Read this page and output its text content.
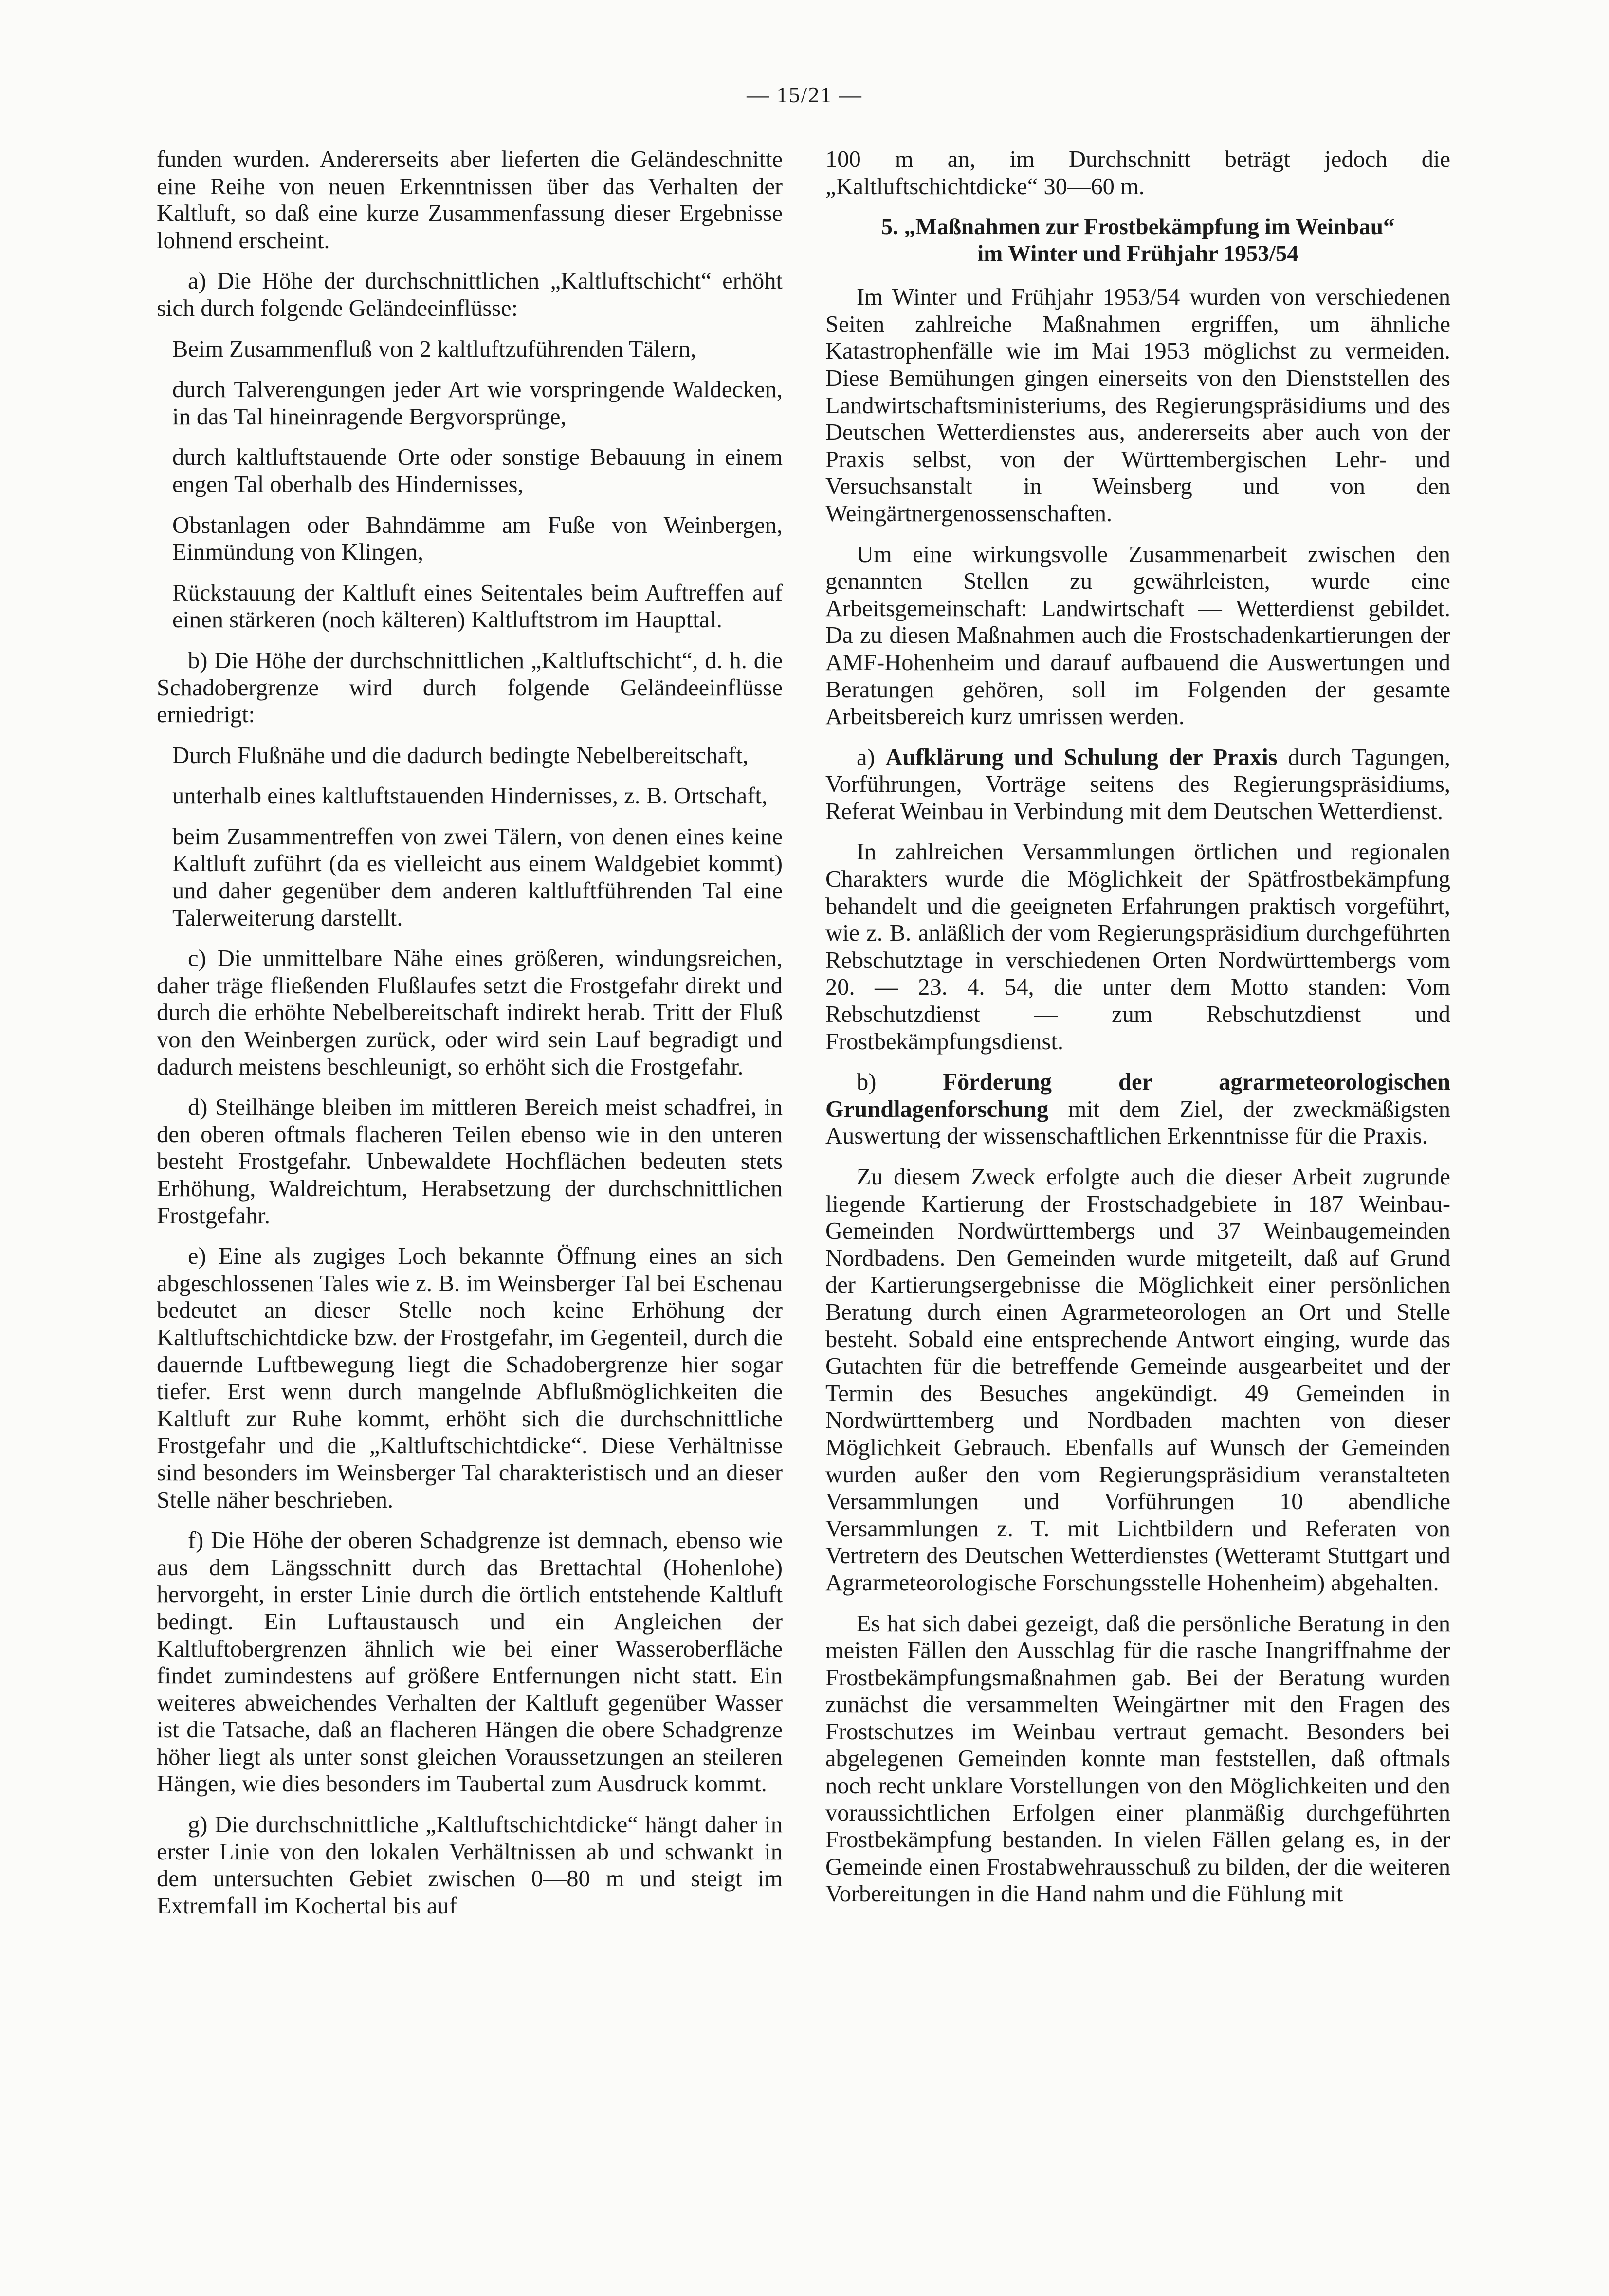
— 15/21 —

funden wurden. Andererseits aber lieferten die Geländeschnitte eine Reihe von neuen Erkenntnissen über das Verhalten der Kaltluft, so daß eine kurze Zusammenfassung dieser Ergebnisse lohnend erscheint.

a) Die Höhe der durchschnittlichen „Kaltluftschicht“ erhöht sich durch folgende Geländeeinflüsse:

Beim Zusammenfluß von 2 kaltluftzuführenden Tälern,

durch Talverengungen jeder Art wie vorspringende Waldecken, in das Tal hineinragende Bergvorsprünge,

durch kaltluftstauende Orte oder sonstige Bebauung in einem engen Tal oberhalb des Hindernisses,

Obstanlagen oder Bahndämme am Fuße von Weinbergen, Einmündung von Klingen,

Rückstauung der Kaltluft eines Seitentales beim Auftreffen auf einen stärkeren (noch kälteren) Kaltluftstrom im Haupttal.

b) Die Höhe der durchschnittlichen „Kaltluftschicht“, d. h. die Schadobergrenze wird durch folgende Geländeeinflüsse erniedrigt:

Durch Flußnähe und die dadurch bedingte Nebelbereitschaft,

unterhalb eines kaltluftstauenden Hindernisses, z. B. Ortschaft,

beim Zusammentreffen von zwei Tälern, von denen eines keine Kaltluft zuführt (da es vielleicht aus einem Waldgebiet kommt) und daher gegenüber dem anderen kaltluftführenden Tal eine Talerweiterung darstellt.

c) Die unmittelbare Nähe eines größeren, windungsreichen, daher träge fließenden Flußlaufes setzt die Frostgefahr direkt und durch die erhöhte Nebelbereitschaft indirekt herab. Tritt der Fluß von den Weinbergen zurück, oder wird sein Lauf begradigt und dadurch meistens beschleunigt, so erhöht sich die Frostgefahr.

d) Steilhänge bleiben im mittleren Bereich meist schadfrei, in den oberen oftmals flacheren Teilen ebenso wie in den unteren besteht Frostgefahr. Unbewaldete Hochflächen bedeuten stets Erhöhung, Waldreichtum, Herabsetzung der durchschnittlichen Frostgefahr.

e) Eine als zugiges Loch bekannte Öffnung eines an sich abgeschlossenen Tales wie z. B. im Weinsberger Tal bei Eschenau bedeutet an dieser Stelle noch keine Erhöhung der Kaltluftschichtdicke bzw. der Frostgefahr, im Gegenteil, durch die dauernde Luftbewegung liegt die Schadobergrenze hier sogar tiefer. Erst wenn durch mangelnde Abflußmöglichkeiten die Kaltluft zur Ruhe kommt, erhöht sich die durchschnittliche Frostgefahr und die „Kaltluftschichtdicke“. Diese Verhältnisse sind besonders im Weinsberger Tal charakteristisch und an dieser Stelle näher beschrieben.

f) Die Höhe der oberen Schadgrenze ist demnach, ebenso wie aus dem Längsschnitt durch das Brettachtal (Hohenlohe) hervorgeht, in erster Linie durch die örtlich entstehende Kaltluft bedingt. Ein Luftaustausch und ein Angleichen der Kaltluftobergrenzen ähnlich wie bei einer Wasseroberfläche findet zumindestens auf größere Entfernungen nicht statt. Ein weiteres abweichendes Verhalten der Kaltluft gegenüber Wasser ist die Tatsache, daß an flacheren Hängen die obere Schadgrenze höher liegt als unter sonst gleichen Voraussetzungen an steileren Hängen, wie dies besonders im Taubertal zum Ausdruck kommt.

g) Die durchschnittliche „Kaltluftschichtdicke“ hängt daher in erster Linie von den lokalen Verhältnissen ab und schwankt in dem untersuchten Gebiet zwischen 0—80 m und steigt im Extremfall im Kochertal bis auf

100 m an, im Durchschnitt beträgt jedoch die „Kaltluftschichtdicke“ 30—60 m.

5. „Maßnahmen zur Frostbekämpfung im Weinbau“
im Winter und Frühjahr 1953/54

Im Winter und Frühjahr 1953/54 wurden von verschiedenen Seiten zahlreiche Maßnahmen ergriffen, um ähnliche Katastrophenfälle wie im Mai 1953 möglichst zu vermeiden. Diese Bemühungen gingen einerseits von den Dienststellen des Landwirtschaftsministeriums, des Regierungspräsidiums und des Deutschen Wetterdienstes aus, andererseits aber auch von der Praxis selbst, von der Württembergischen Lehr- und Versuchsanstalt in Weinsberg und von den Weingärtnergenossenschaften.

Um eine wirkungsvolle Zusammenarbeit zwischen den genannten Stellen zu gewährleisten, wurde eine Arbeitsgemeinschaft: Landwirtschaft — Wetterdienst gebildet. Da zu diesen Maßnahmen auch die Frostschadenkartierungen der AMF-Hohenheim und darauf aufbauend die Auswertungen und Beratungen gehören, soll im Folgenden der gesamte Arbeitsbereich kurz umrissen werden.

a) Aufklärung und Schulung der Praxis durch Tagungen, Vorführungen, Vorträge seitens des Regierungspräsidiums, Referat Weinbau in Verbindung mit dem Deutschen Wetterdienst.

In zahlreichen Versammlungen örtlichen und regionalen Charakters wurde die Möglichkeit der Spätfrostbekämpfung behandelt und die geeigneten Erfahrungen praktisch vorgeführt, wie z. B. anläßlich der vom Regierungspräsidium durchgeführten Rebschutztage in verschiedenen Orten Nordwürttembergs vom 20. — 23. 4. 54, die unter dem Motto standen: Vom Rebschutzdienst — zum Rebschutzdienst und Frostbekämpfungsdienst.

b)	Förderung der agrarmeteorologischen Grundlagenforschung mit dem Ziel, der zweckmäßigsten Auswertung der wissenschaftlichen Erkenntnisse für die Praxis.

Zu diesem Zweck erfolgte auch die dieser Arbeit zugrunde liegende Kartierung der Frostschadgebiete in 187 Weinbau-Gemeinden Nordwürttembergs und 37 Weinbaugemeinden Nordbadens. Den Gemeinden wurde mitgeteilt, daß auf Grund der Kartierungsergebnisse die Möglichkeit einer persönlichen Beratung durch einen Agrarmeteorologen an Ort und Stelle besteht. Sobald eine entsprechende Antwort einging, wurde das Gutachten für die betreffende Gemeinde ausgearbeitet und der Termin des Besuches angekündigt. 49 Gemeinden in Nordwürttemberg und Nordbaden machten von dieser Möglichkeit Gebrauch. Ebenfalls auf Wunsch der Gemeinden wurden außer den vom Regierungspräsidium veranstalteten Versammlungen und Vorführungen 10 abendliche Versammlungen z. T. mit Lichtbildern und Referaten von Vertretern des Deutschen Wetterdienstes (Wetteramt Stuttgart und Agrarmeteorologische Forschungsstelle Hohenheim) abgehalten.

Es hat sich dabei gezeigt, daß die persönliche Beratung in den meisten Fällen den Ausschlag für die rasche Inangriffnahme der Frostbekämpfungsmaßnahmen gab. Bei der Beratung wurden zunächst die versammelten Weingärtner mit den Fragen des Frostschutzes im Weinbau vertraut gemacht. Besonders bei abgelegenen Gemeinden konnte man feststellen, daß oftmals noch recht unklare Vorstellungen von den Möglichkeiten und den voraussichtlichen Erfolgen einer planmäßig durchgeführten Frostbekämpfung bestanden. In vielen Fällen gelang es, in der Gemeinde einen Frostabwehrausschuß zu bilden, der die weiteren Vorbereitungen in die Hand nahm und die Fühlung mit
